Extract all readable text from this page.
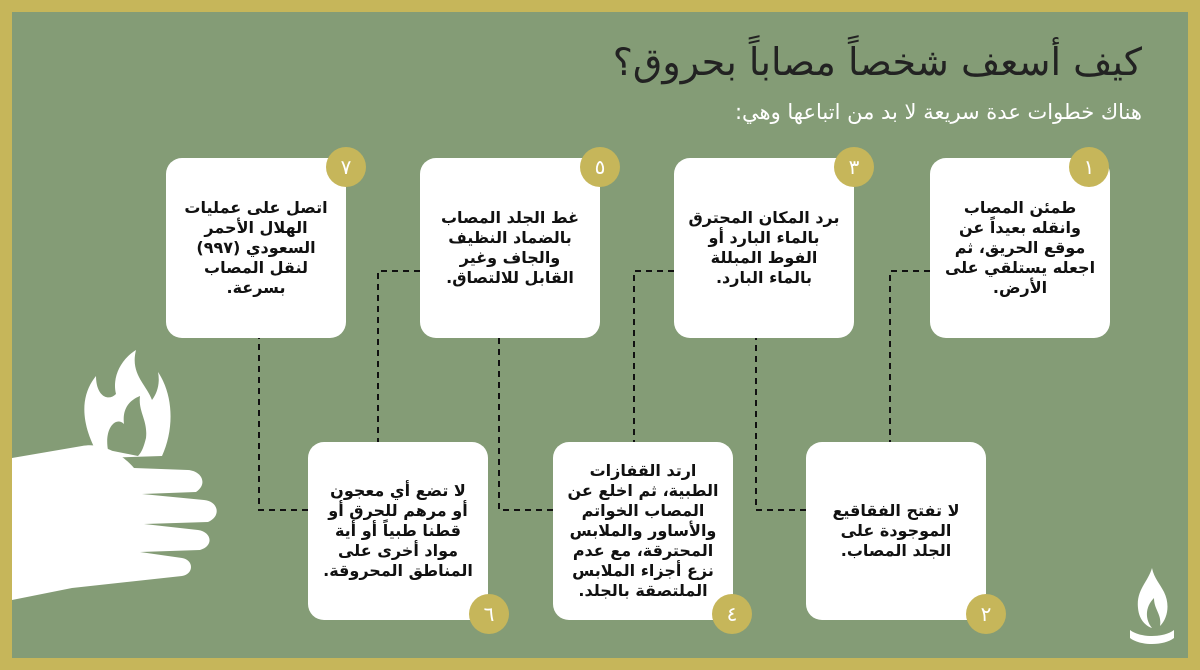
كيف أسعف شخصاً مصاباً بحروق؟
هناك خطوات عدة سريعة لا بد من اتباعها وهي:
طمئن المصاب وانقله بعيداً عن موقع الحريق، ثم اجعله يستلقي على الأرض.
١
لا تفتح الفقاقيع الموجودة على الجلد المصاب.
٢
برد المكان المحترق بالماء البارد أو الفوط المبللة بالماء البارد.
٣
ارتد القفازات الطبية، ثم اخلع عن المصاب الخواتم والأساور والملابس المحترقة، مع عدم نزع أجزاء الملابس الملتصقة بالجلد.
٤
غط الجلد المصاب بالضماد النظيف والجاف وغير القابل للالتصاق.
٥
لا تضع أي معجون أو مرهم للحرق أو قطنا طبياً أو أية مواد أخرى على المناطق المحروقة.
٦
اتصل على عمليات الهلال الأحمر السعودي (٩٩٧) لنقل المصاب بسرعة.
٧
